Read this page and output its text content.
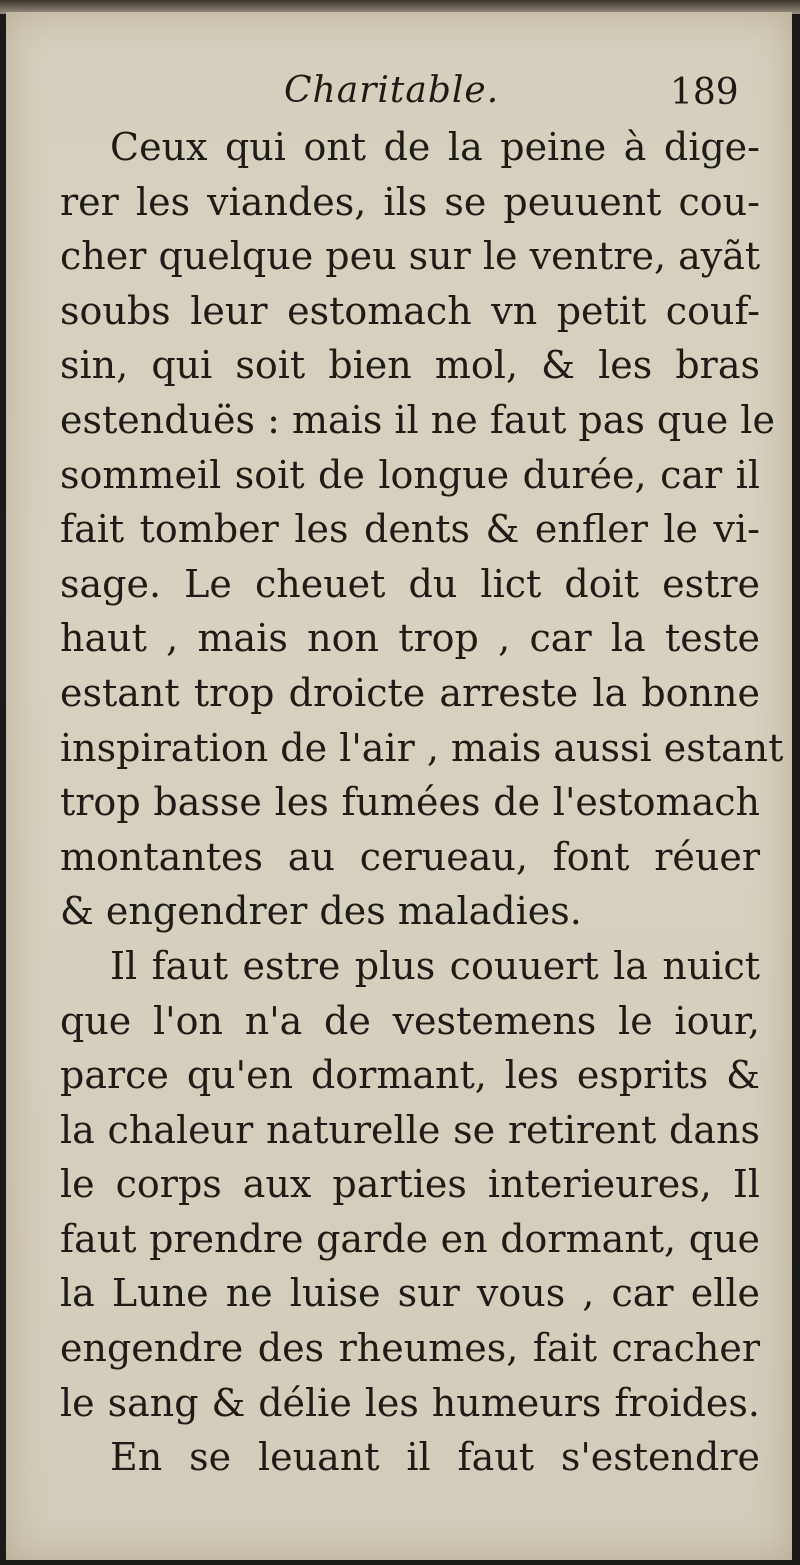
Charitable.	189
Ceux qui ont de la peine à dige-
rer les viandes, ils se peuuent cou-
cher quelque peu sur le ventre, ayãt
soubs leur estomach vn petit couf-
sin, qui soit bien mol, & les bras
estenduës : mais il ne faut pas que le
sommeil soit de longue durée, car il
fait tomber les dents & enfler le vi-
sage. Le cheuet du lict doit estre
haut , mais non trop , car la teste
estant trop droicte arreste la bonne
inspiration de l'air , mais aussi estant
trop basse les fumées de l'estomach
montantes au cerueau, font réuer
& engendrer des maladies.
Il faut estre plus couuert la nuict
que l'on n'a de vestemens le iour,
parce qu'en dormant, les esprits &
la chaleur naturelle se retirent dans
le corps aux parties interieures, Il
faut prendre garde en dormant, que
la Lune ne luise sur vous , car elle
engendre des rheumes, fait cracher
le sang & délie les humeurs froides.
En se leuant il faut s'estendre
